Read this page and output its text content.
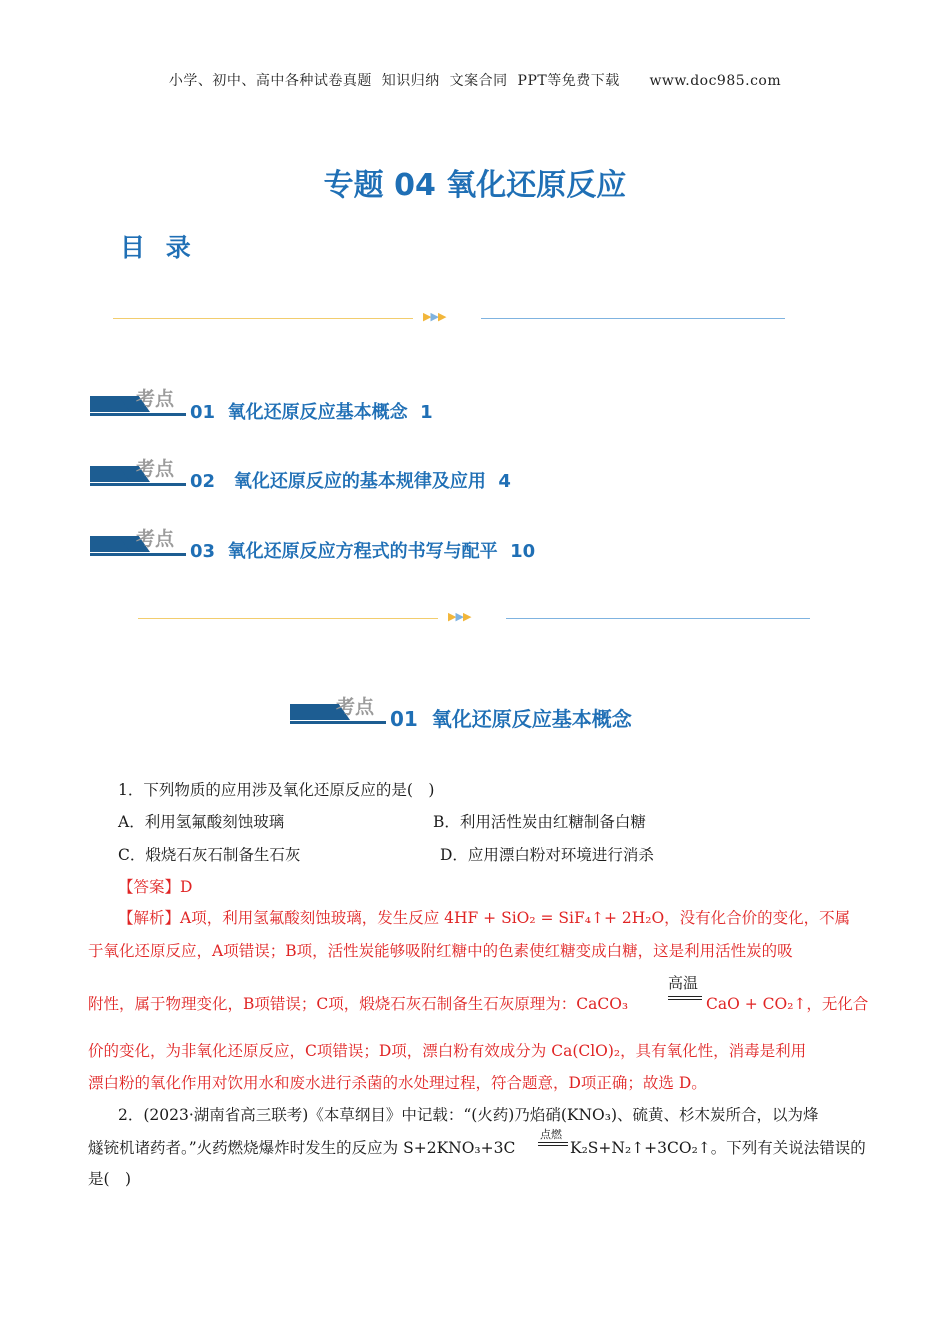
小学、初中、高中各种试卷真题  知识归纳  文案合同  PPT等免费下载 www.doc985.com
专题 04 氧化还原反应
目 录
▶▶▶
考点
01 氧化还原反应基本概念 1
考点
02 氧化还原反应的基本规律及应用 4
考点
03 氧化还原反应方程式的书写与配平 10
▶▶▶
考点 01 氧化还原反应基本概念
1．下列物质的应用涉及氧化还原反应的是(　)
A．利用氢氟酸刻蚀玻璃	B．利用活性炭由红糖制备白糖
C．煅烧石灰石制备生石灰	D．应用漂白粉对环境进行消杀
【答案】D
【解析】A项，利用氢氟酸刻蚀玻璃，发生反应 4HF + SiO₂ = SiF₄↑+ 2H₂O，没有化合价的变化，不属
于氧化还原反应，A项错误；B项，活性炭能够吸附红糖中的色素使红糖变成白糖，这是利用活性炭的吸
附性，属于物理变化，B项错误；C项，煅烧石灰石制备生石灰原理为：CaCO₃
高温
CaO + CO₂↑，无化合
价的变化，为非氧化还原反应，C项错误；D项，漂白粉有效成分为 Ca(ClO)₂，具有氧化性，消毒是利用
漂白粉的氧化作用对饮用水和废水进行杀菌的水处理过程，符合题意，D项正确；故选 D。
2．(2023·湖南省高三联考)《本草纲目》中记载：“(火药)乃焰硝(KNO₃)、硫黄、杉木炭所合，以为烽
燧铳机诸药者。”火药燃烧爆炸时发生的反应为 S+2KNO₃+3C
点燃
K₂S+N₂↑+3CO₂↑。下列有关说法错误的
是(　)
